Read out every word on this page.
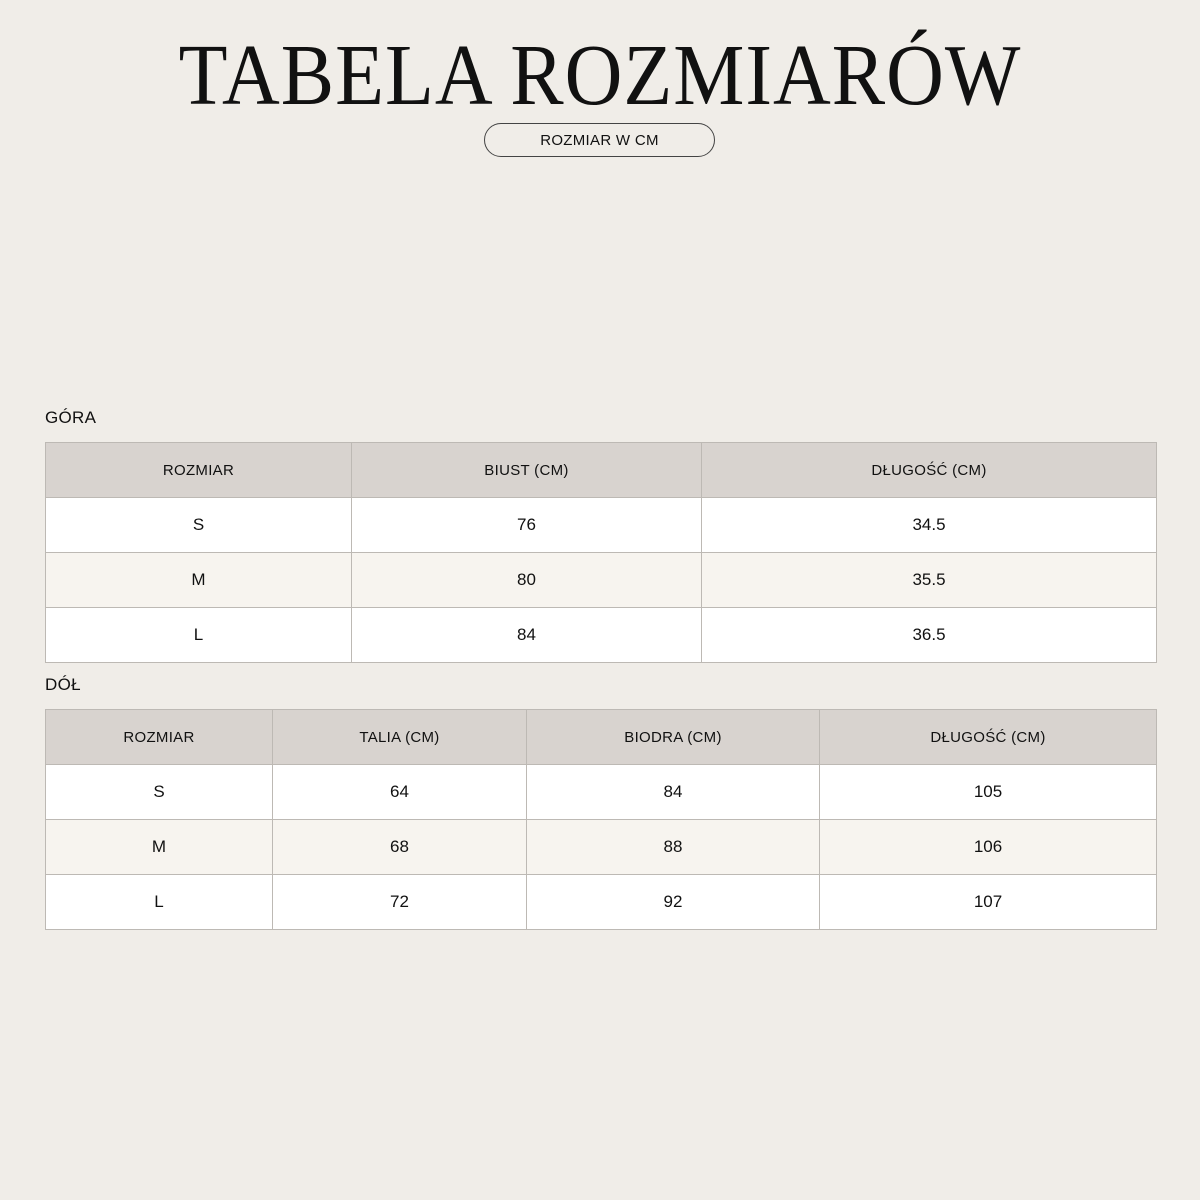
TABELA ROZMIARÓW
ROZMIAR W CM
GÓRA
ROZMIAR	BIUST (CM)	DŁUGOŚĆ (CM)
S	76	34.5
M	80	35.5
L	84	36.5
DÓŁ
ROZMIAR	TALIA (CM)	BIODRA (CM)	DŁUGOŚĆ (CM)
S	64	84	105
M	68	88	106
L	72	92	107
